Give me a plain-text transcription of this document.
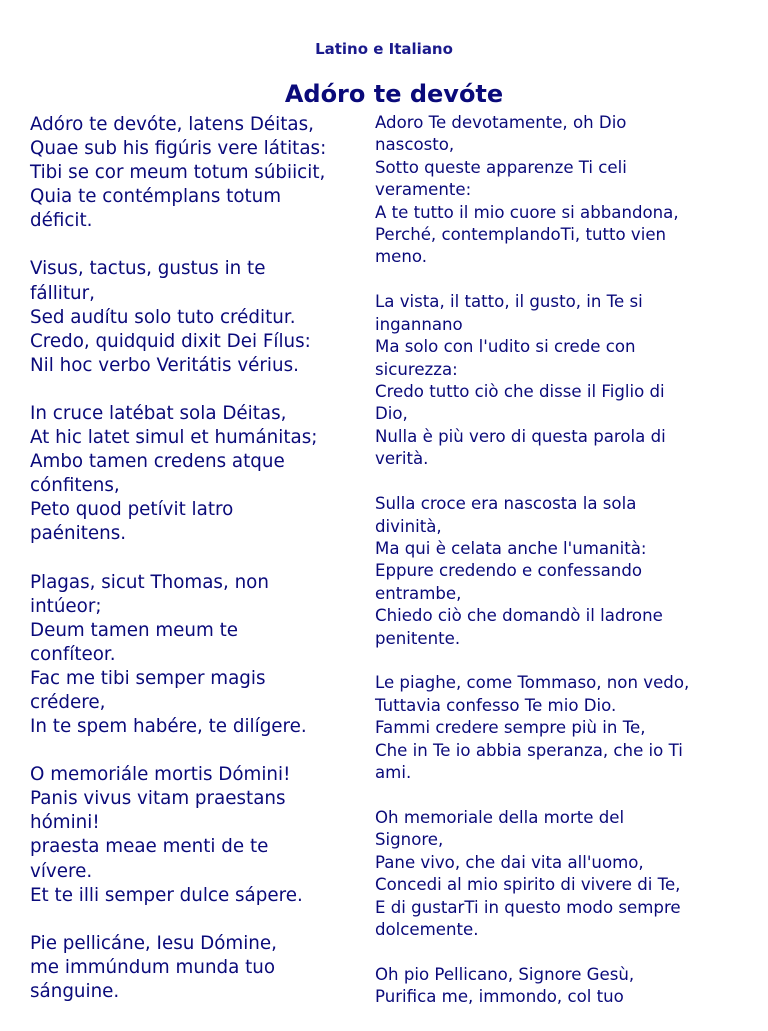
Latino e Italiano
Adóro te devóte
Adóro te devóte, latens Déitas,
Quae sub his figúris vere látitas:
Tibi se cor meum totum súbiicit,
Quia te contémplans totum
déficit.
Visus, tactus, gustus in te
fállitur,
Sed audítu solo tuto créditur.
Credo, quidquid dixit Dei Fílus:
Nil hoc verbo Veritátis vérius.
In cruce latébat sola Déitas,
At hic latet simul et humánitas;
Ambo tamen credens atque
cónfitens,
Peto quod petívit latro
paénitens.
Plagas, sicut Thomas, non
intúeor;
Deum tamen meum te
confíteor.
Fac me tibi semper magis
crédere,
In te spem habére, te dilígere.
O memoriále mortis Dómini!
Panis vivus vitam praestans
hómini!
praesta meae menti de te
vívere.
Et te illi semper dulce sápere.
Pie pellicáne, Iesu Dómine,
me immúndum munda tuo
sánguine.
Adoro Te devotamente, oh Dio
nascosto,
Sotto queste apparenze Ti celi
veramente:
A te tutto il mio cuore si abbandona,
Perché, contemplandoTi, tutto vien
meno.
La vista, il tatto, il gusto, in Te si
ingannano
Ma solo con l'udito si crede con
sicurezza:
Credo tutto ciò che disse il Figlio di
Dio,
Nulla è più vero di questa parola di
verità.
Sulla croce era nascosta la sola
divinità,
Ma qui è celata anche l'umanità:
Eppure credendo e confessando
entrambe,
Chiedo ciò che domandò il ladrone
penitente.
Le piaghe, come Tommaso, non vedo,
Tuttavia confesso Te mio Dio.
Fammi credere sempre più in Te,
Che in Te io abbia speranza, che io Ti
ami.
Oh memoriale della morte del
Signore,
Pane vivo, che dai vita all'uomo,
Concedi al mio spirito di vivere di Te,
E di gustarTi in questo modo sempre
dolcemente.
Oh pio Pellicano, Signore Gesù,
Purifica me, immondo, col tuo
